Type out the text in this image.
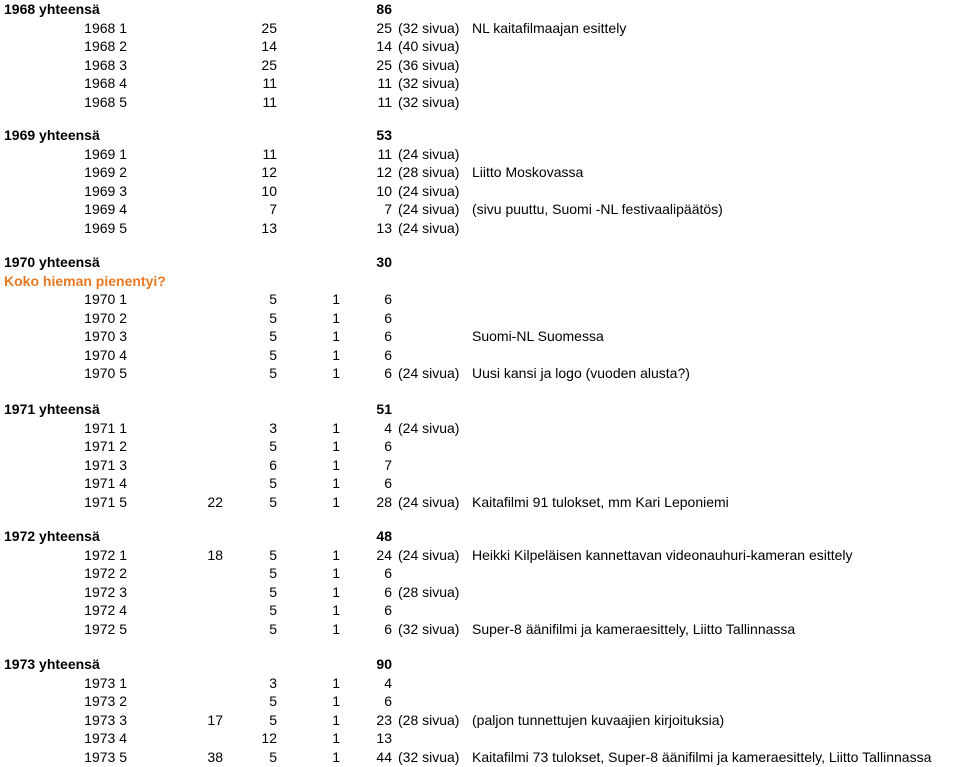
1968 yhteensä	86
1968 1	25	25 (32 sivua) NL kaitafilmaajan esittely
1968 2	14	14 (40 sivua)
1968 3	25	25 (36 sivua)
1968 4	11	11 (32 sivua)
1968 5	11	11 (32 sivua)
1969 yhteensä	53
1969 1	11	11 (24 sivua)
1969 2	12	12 (28 sivua) Liitto Moskovassa
1969 3	10	10 (24 sivua)
1969 4	7	7 (24 sivua) (sivu puuttu, Suomi -NL festivaalipäätös)
1969 5	13	13 (24 sivua)
1970 yhteensä	30
Koko hieman pienentyi?
1970 1	5	1	6
1970 2	5	1	6
1970 3	5	1	6	Suomi-NL Suomessa
1970 4	5	1	6
1970 5	5	1	6 (24 sivua) Uusi kansi ja logo (vuoden alusta?)
1971 yhteensä	51
1971 1	3	1	4 (24 sivua)
1971 2	5	1	6
1971 3	6	1	7
1971 4	5	1	6
1971 5	22	5	1	28 (24 sivua) Kaitafilmi 91 tulokset, mm Kari Leponiemi
1972 yhteensä	48
1972 1	18	5	1	24 (24 sivua) Heikki Kilpeläisen kannettavan videonauhuri-kameran esittely
1972 2	5	1	6
1972 3	5	1	6 (28 sivua)
1972 4	5	1	6
1972 5	5	1	6 (32 sivua) Super-8 äänifilmi ja kameraesittely, Liitto Tallinnassa
1973 yhteensä	90
1973 1	3	1	4
1973 2	5	1	6
1973 3	17	5	1	23 (28 sivua) (paljon tunnettujen kuvaajien kirjoituksia)
1973 4	12	1	13
1973 5	38	5	1	44 (32 sivua) Kaitafilmi 73 tulokset, Super-8 äänifilmi ja kameraesittely, Liitto Tallinnassa
